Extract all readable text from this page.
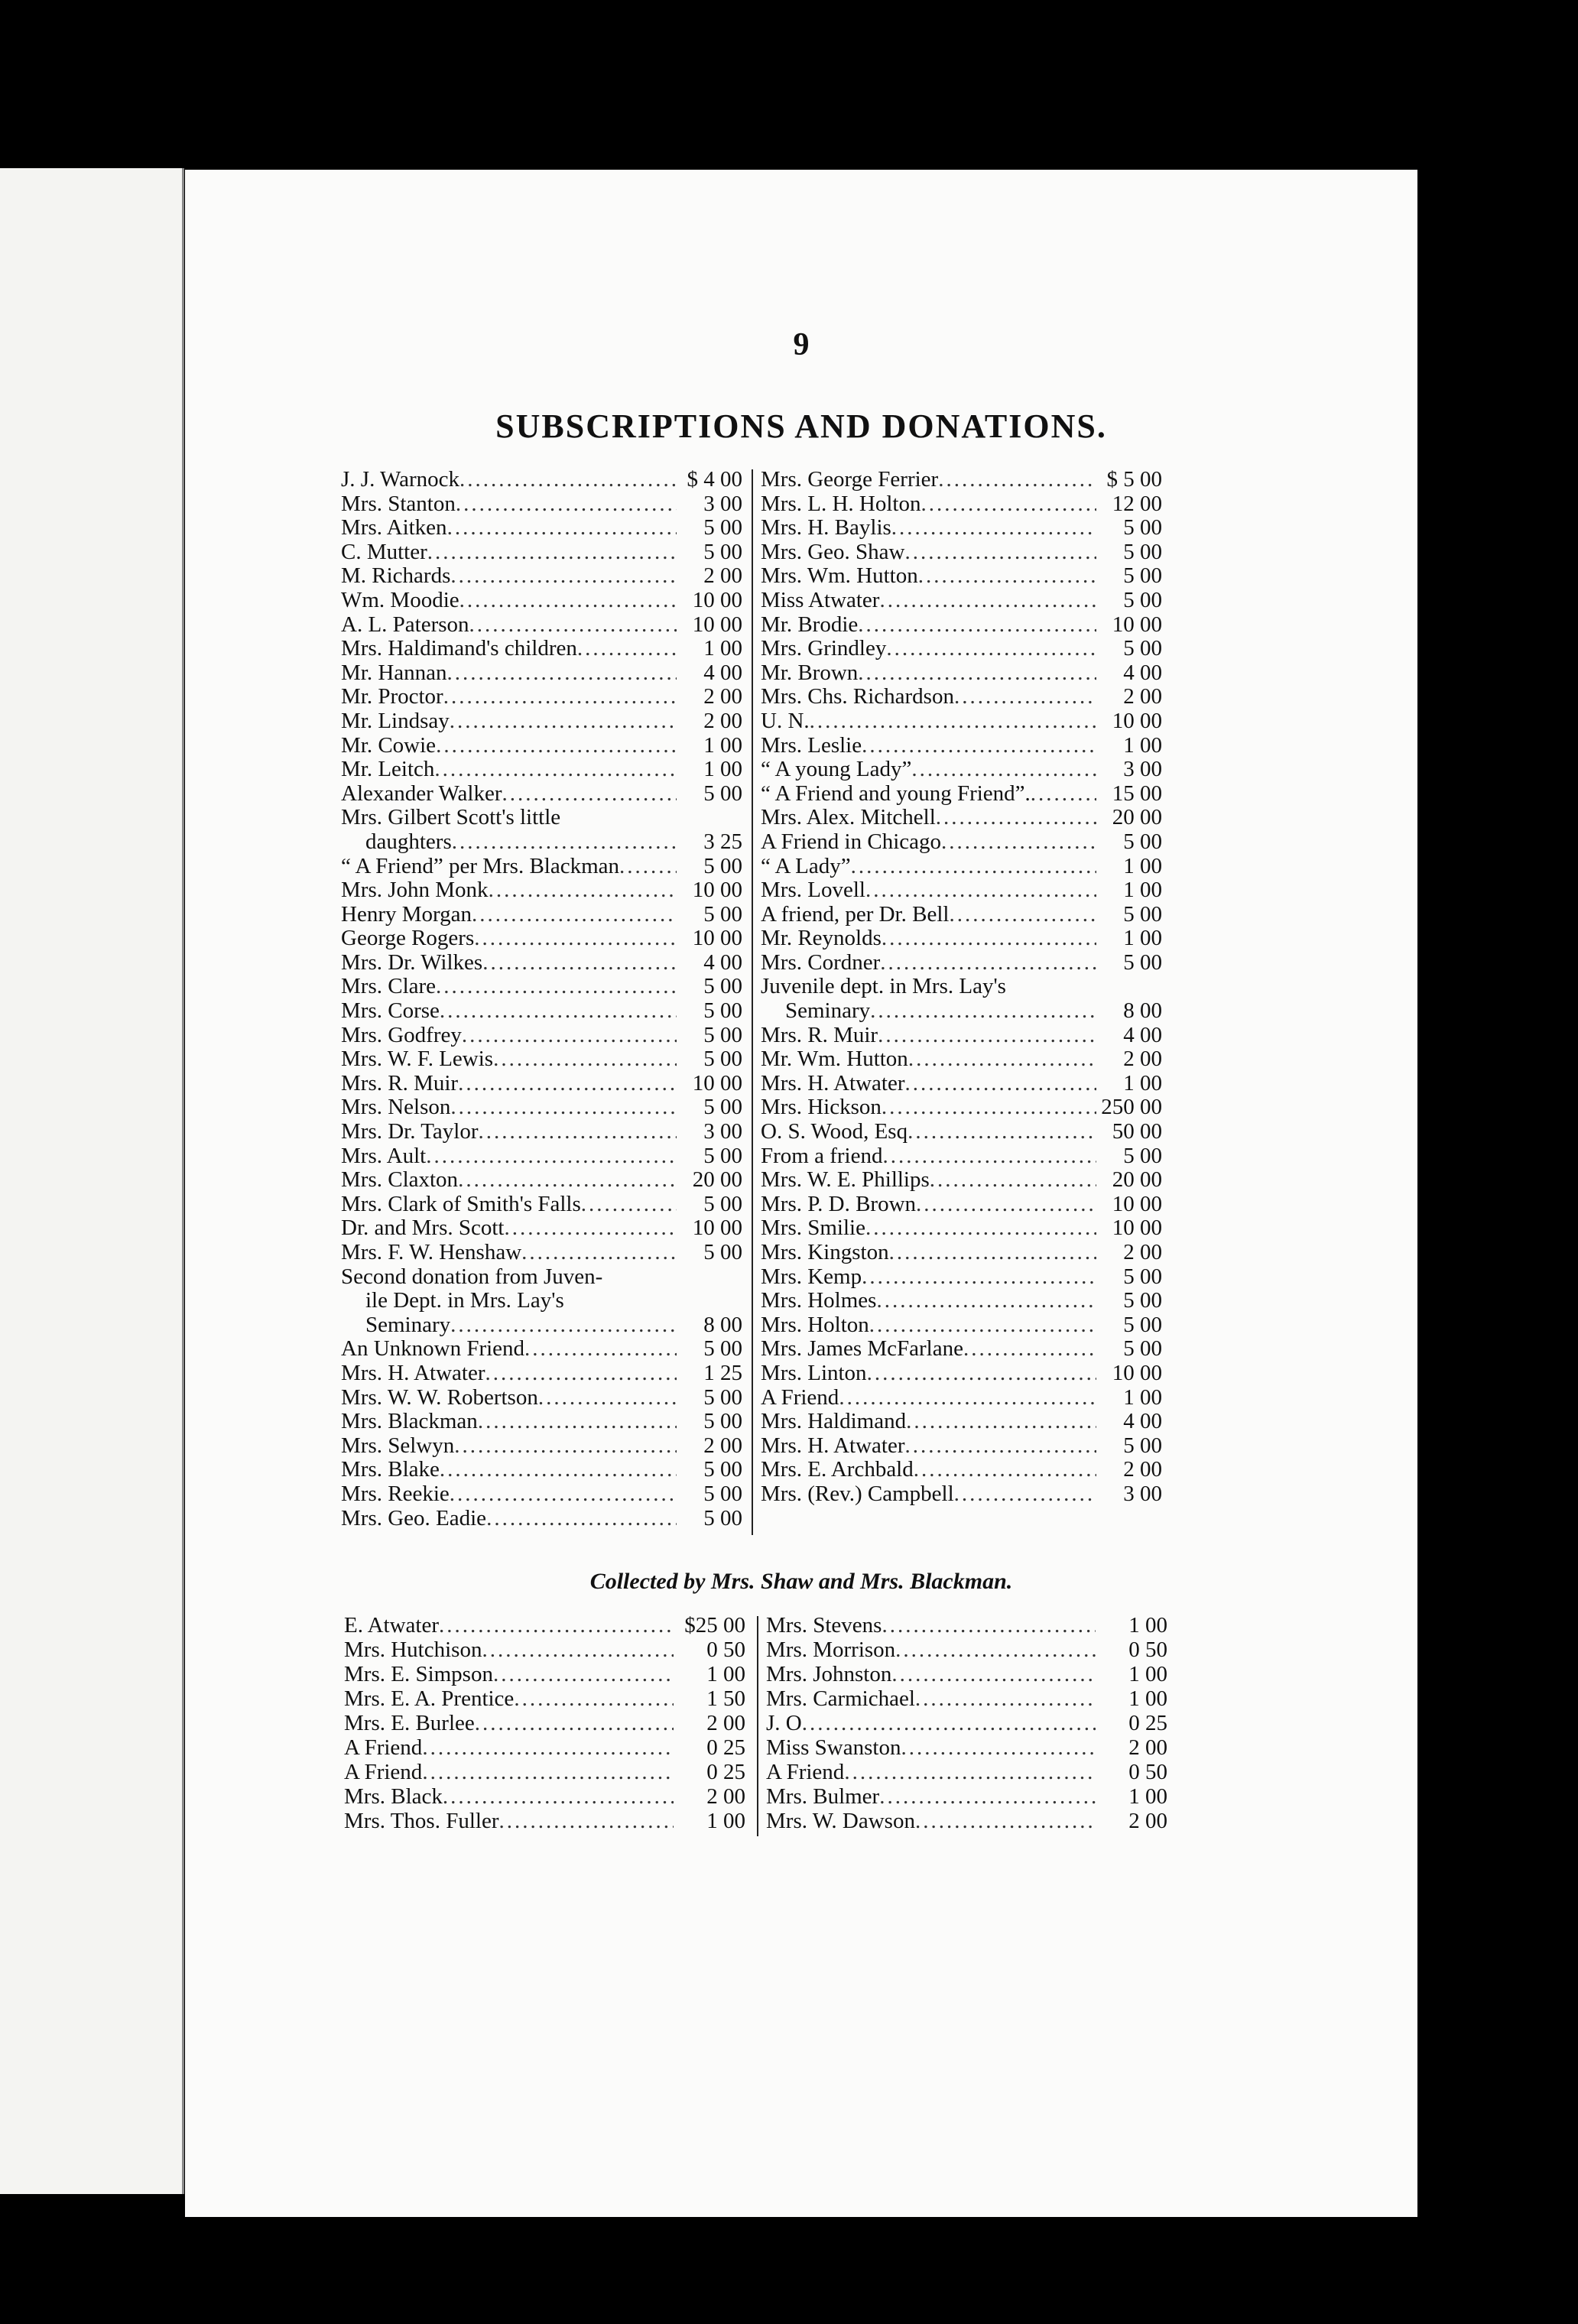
9
SUBSCRIPTIONS AND DONATIONS.
J. J. Warnock .....	$ 4 00
Mrs. Stanton .....	3 00
Mrs. Aitken .....	5 00
C. Mutter .....	5 00
M. Richards .....	2 00
Wm. Moodie .....	10 00
A. L. Paterson .....	10 00
Mrs. Haldimand's children .....	1 00
Mr. Hannan .....	4 00
Mr. Proctor .....	2 00
Mr. Lindsay .....	2 00
Mr. Cowie .....	1 00
Mr. Leitch .....	1 00
Alexander Walker .....	5 00
Mrs. Gilbert Scott's little
daughters .....	3 25
“ A Friend” per Mrs. Blackman .....	5 00
Mrs. John Monk .....	10 00
Henry Morgan .....	5 00
George Rogers .....	10 00
Mrs. Dr. Wilkes .....	4 00
Mrs. Clare .....	5 00
Mrs. Corse .....	5 00
Mrs. Godfrey .....	5 00
Mrs. W. F. Lewis .....	5 00
Mrs. R. Muir .....	10 00
Mrs. Nelson .....	5 00
Mrs. Dr. Taylor .....	3 00
Mrs. Ault .....	5 00
Mrs. Claxton .....	20 00
Mrs. Clark of Smith's Falls .....	5 00
Dr. and Mrs. Scott .....	10 00
Mrs. F. W. Henshaw .....	5 00
Second donation from Juven-
ile Dept. in Mrs. Lay's
Seminary .....	8 00
An Unknown Friend .....	5 00
Mrs. H. Atwater .....	1 25
Mrs. W. W. Robertson .....	5 00
Mrs. Blackman .....	5 00
Mrs. Selwyn .....	2 00
Mrs. Blake .....	5 00
Mrs. Reekie .....	5 00
Mrs. Geo. Eadie .....	5 00
Mrs. George Ferrier .....	$ 5 00
Mrs. L. H. Holton .....	12 00
Mrs. H. Baylis .....	5 00
Mrs. Geo. Shaw .....	5 00
Mrs. Wm. Hutton .....	5 00
Miss Atwater .....	5 00
Mr. Brodie .....	10 00
Mrs. Grindley .....	5 00
Mr. Brown .....	4 00
Mrs. Chs. Richardson .....	2 00
U. N. .....	10 00
Mrs. Leslie .....	1 00
“ A young Lady” .....	3 00
“ A Friend and young Friend”. .....	15 00
Mrs. Alex. Mitchell .....	20 00
A Friend in Chicago .....	5 00
“ A Lady” .....	1 00
Mrs. Lovell .....	1 00
A friend, per Dr. Bell .....	5 00
Mr. Reynolds .....	1 00
Mrs. Cordner .....	5 00
Juvenile dept. in Mrs. Lay's
Seminary .....	8 00
Mrs. R. Muir .....	4 00
Mr. Wm. Hutton .....	2 00
Mrs. H. Atwater .....	1 00
Mrs. Hickson .....	250 00
O. S. Wood, Esq .....	50 00
From a friend .....	5 00
Mrs. W. E. Phillips .....	20 00
Mrs. P. D. Brown .....	10 00
Mrs. Smilie .....	10 00
Mrs. Kingston .....	2 00
Mrs. Kemp .....	5 00
Mrs. Holmes .....	5 00
Mrs. Holton .....	5 00
Mrs. James McFarlane .....	5 00
Mrs. Linton .....	10 00
A Friend .....	1 00
Mrs. Haldimand .....	4 00
Mrs. H. Atwater .....	5 00
Mrs. E. Archbald .....	2 00
Mrs. (Rev.) Campbell .....	3 00
Collected by Mrs. Shaw and Mrs. Blackman.
E. Atwater .....	$25 00
Mrs. Hutchison .....	0 50
Mrs. E. Simpson .....	1 00
Mrs. E. A. Prentice .....	1 50
Mrs. E. Burlee .....	2 00
A Friend .....	0 25
A Friend .....	0 25
Mrs. Black .....	2 00
Mrs. Thos. Fuller .....	1 00
Mrs. Stevens .....	1 00
Mrs. Morrison .....	0 50
Mrs. Johnston .....	1 00
Mrs. Carmichael .....	1 00
J. O .....	0 25
Miss Swanston .....	2 00
A Friend .....	0 50
Mrs. Bulmer .....	1 00
Mrs. W. Dawson .....	2 00
